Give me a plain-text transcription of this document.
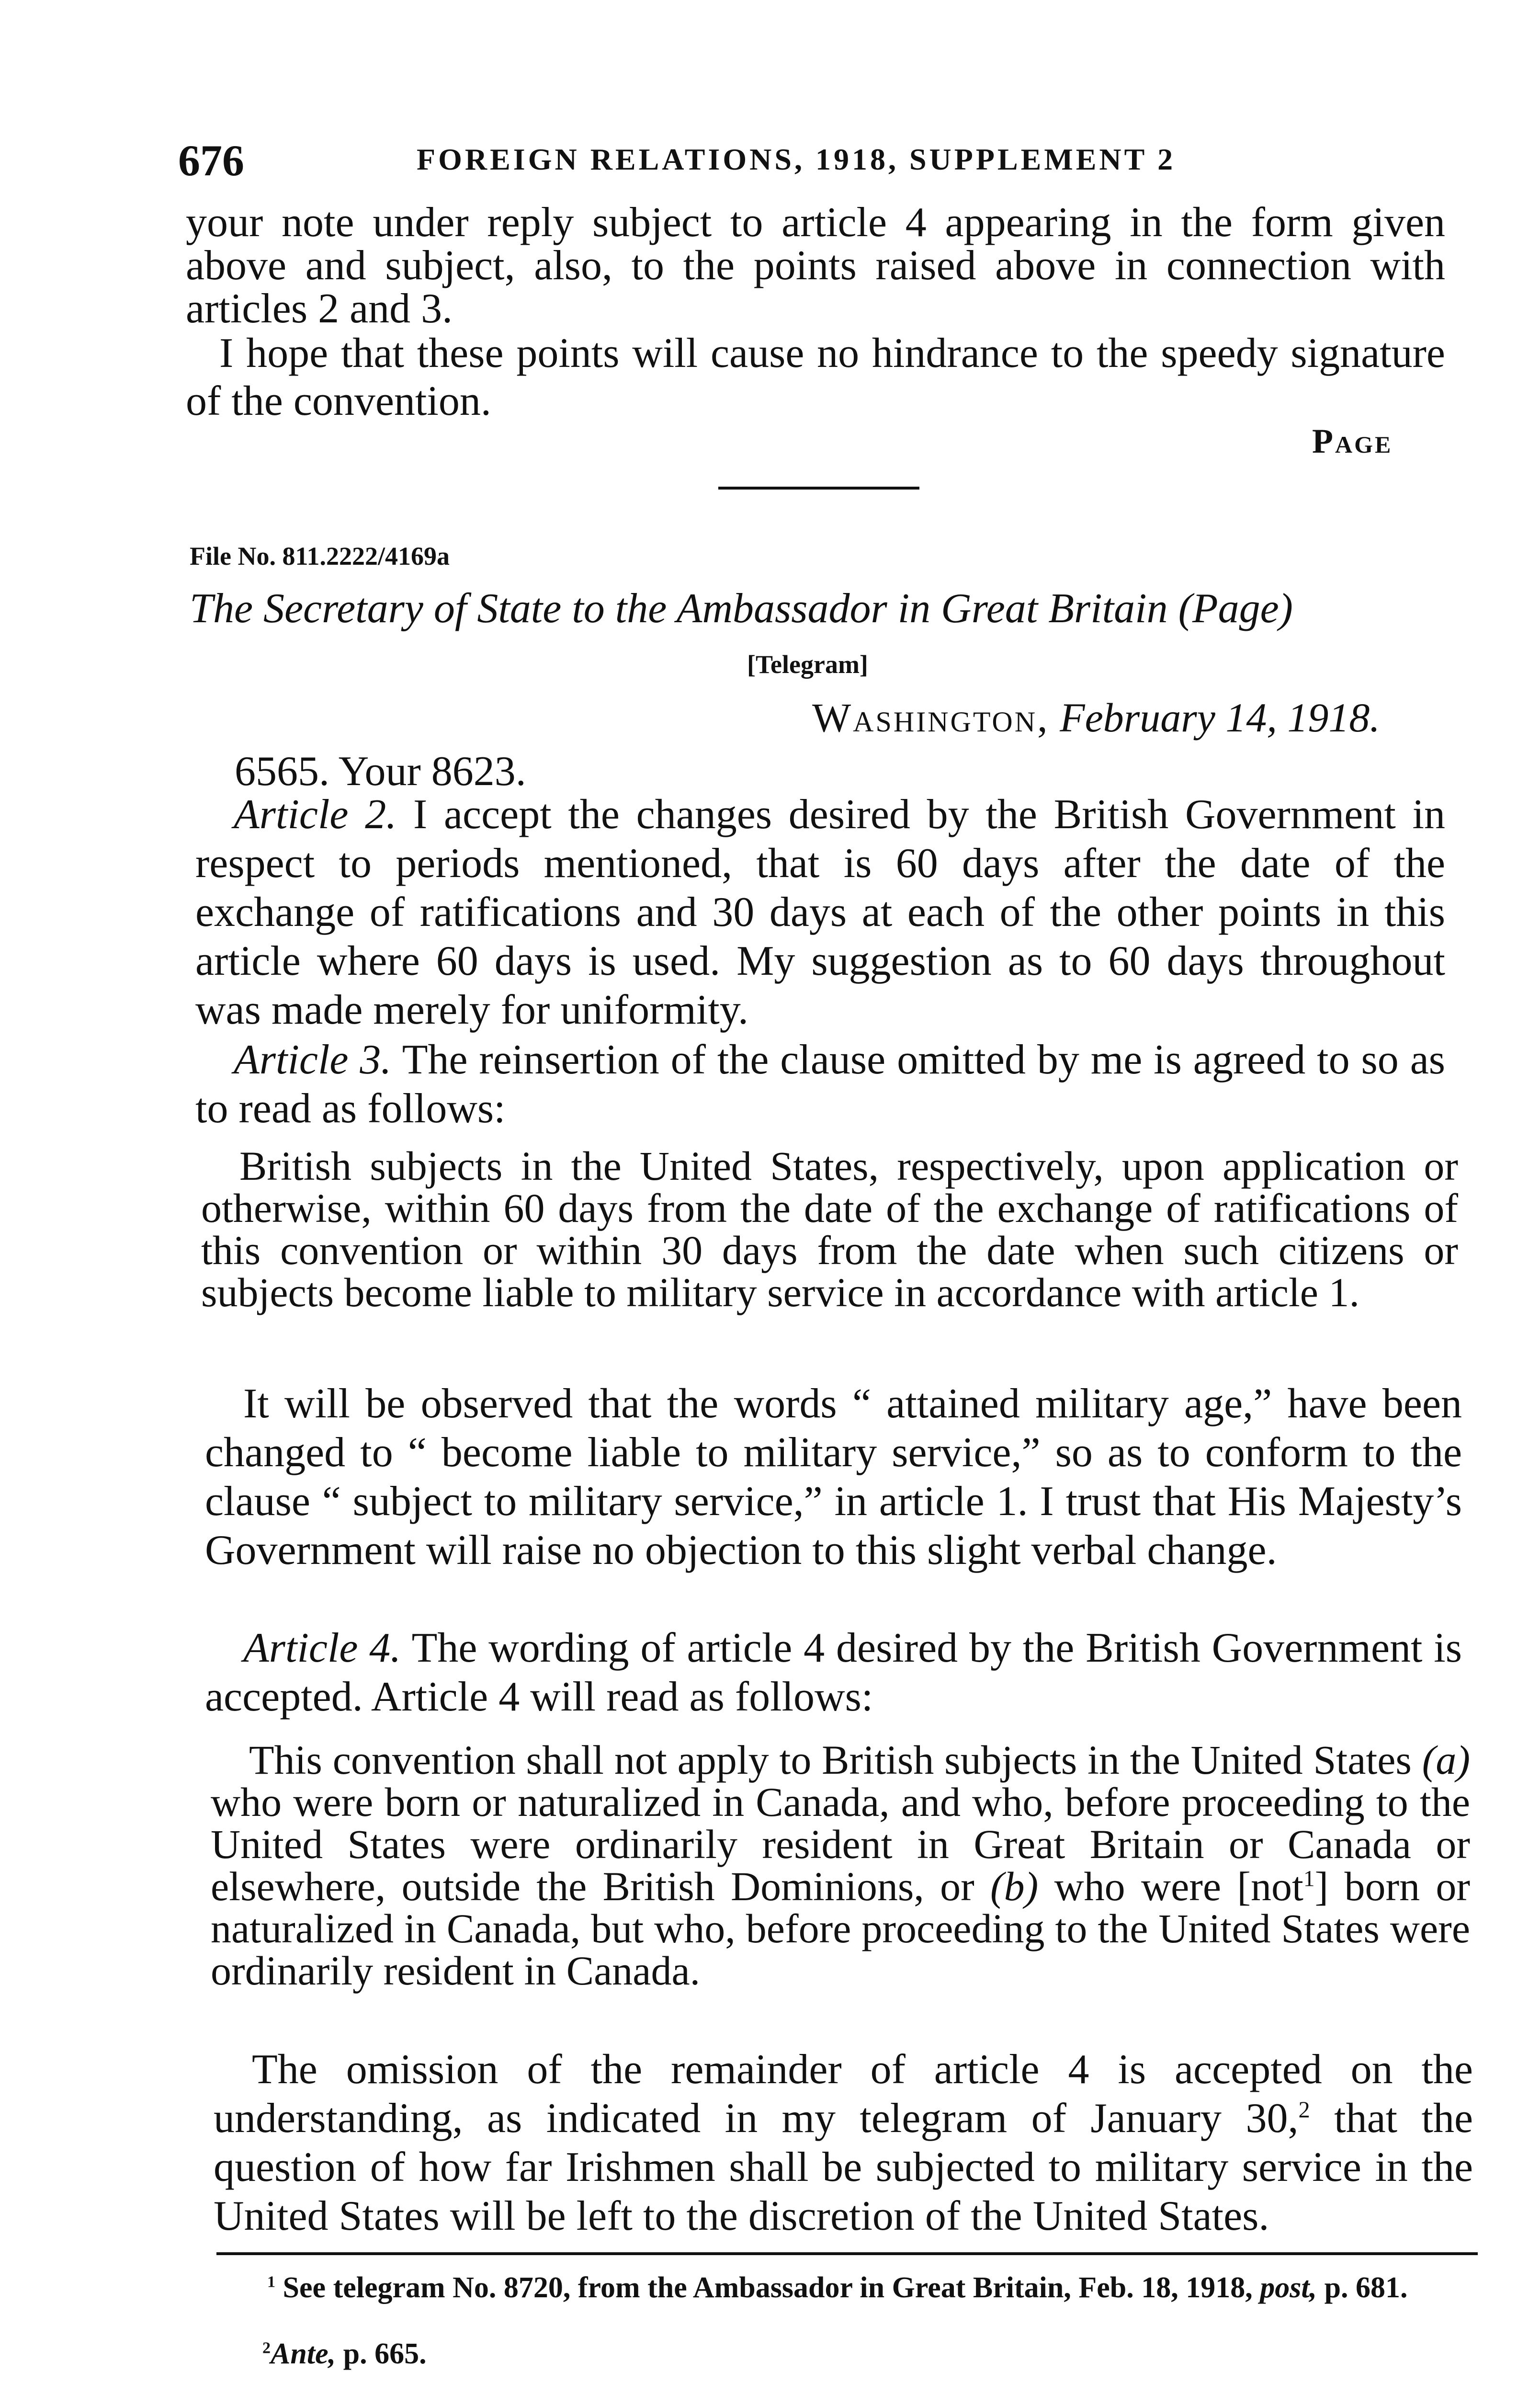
676	FOREIGN RELATIONS, 1918, SUPPLEMENT 2

your note under reply subject to article 4 appearing in the form given above and subject, also, to the points raised above in connection with articles 2 and 3.

I hope that these points will cause no hindrance to the speedy signature of the convention.

Page
File No. 811.2222/4169a
The Secretary of State to the Ambassador in Great Britain (Page)
[Telegram]
Washington, February 14, 1918.

6565. Your 8623.

Article 2. I accept the changes desired by the British Government in respect to periods mentioned, that is 60 days after the date of the exchange of ratifications and 30 days at each of the other points in this article where 60 days is used. My suggestion as to 60 days throughout was made merely for uniformity.

Article 3. The reinsertion of the clause omitted by me is agreed to so as to read as follows:

British subjects in the United States, respectively, upon application or otherwise, within 60 days from the date of the exchange of ratifications of this convention or within 30 days from the date when such citizens or subjects become liable to military service in accordance with article 1.

It will be observed that the words “ attained military age,” have been changed to “ become liable to military service,” so as to conform to the clause “ subject to military service,” in article 1. I trust that His Majesty’s Government will raise no objection to this slight verbal change.

Article 4. The wording of article 4 desired by the British Government is accepted. Article 4 will read as follows:

This convention shall not apply to British subjects in the United States (a) who were born or naturalized in Canada, and who, before proceeding to the United States were ordinarily resident in Great Britain or Canada or elsewhere, outside the British Dominions, or (b) who were [not$^1$] born or naturalized in Canada, but who, before proceeding to the United States were ordinarily resident in Canada.

The omission of the remainder of article 4 is accepted on the understanding, as indicated in my telegram of January 30,$^2$ that the question of how far Irishmen shall be subjected to military service in the United States will be left to the discretion of the United States.

$^1$ See telegram No. 8720, from the Ambassador in Great Britain, Feb. 18, 1918, post, p. 681.

$^2$Ante, p. 665.
